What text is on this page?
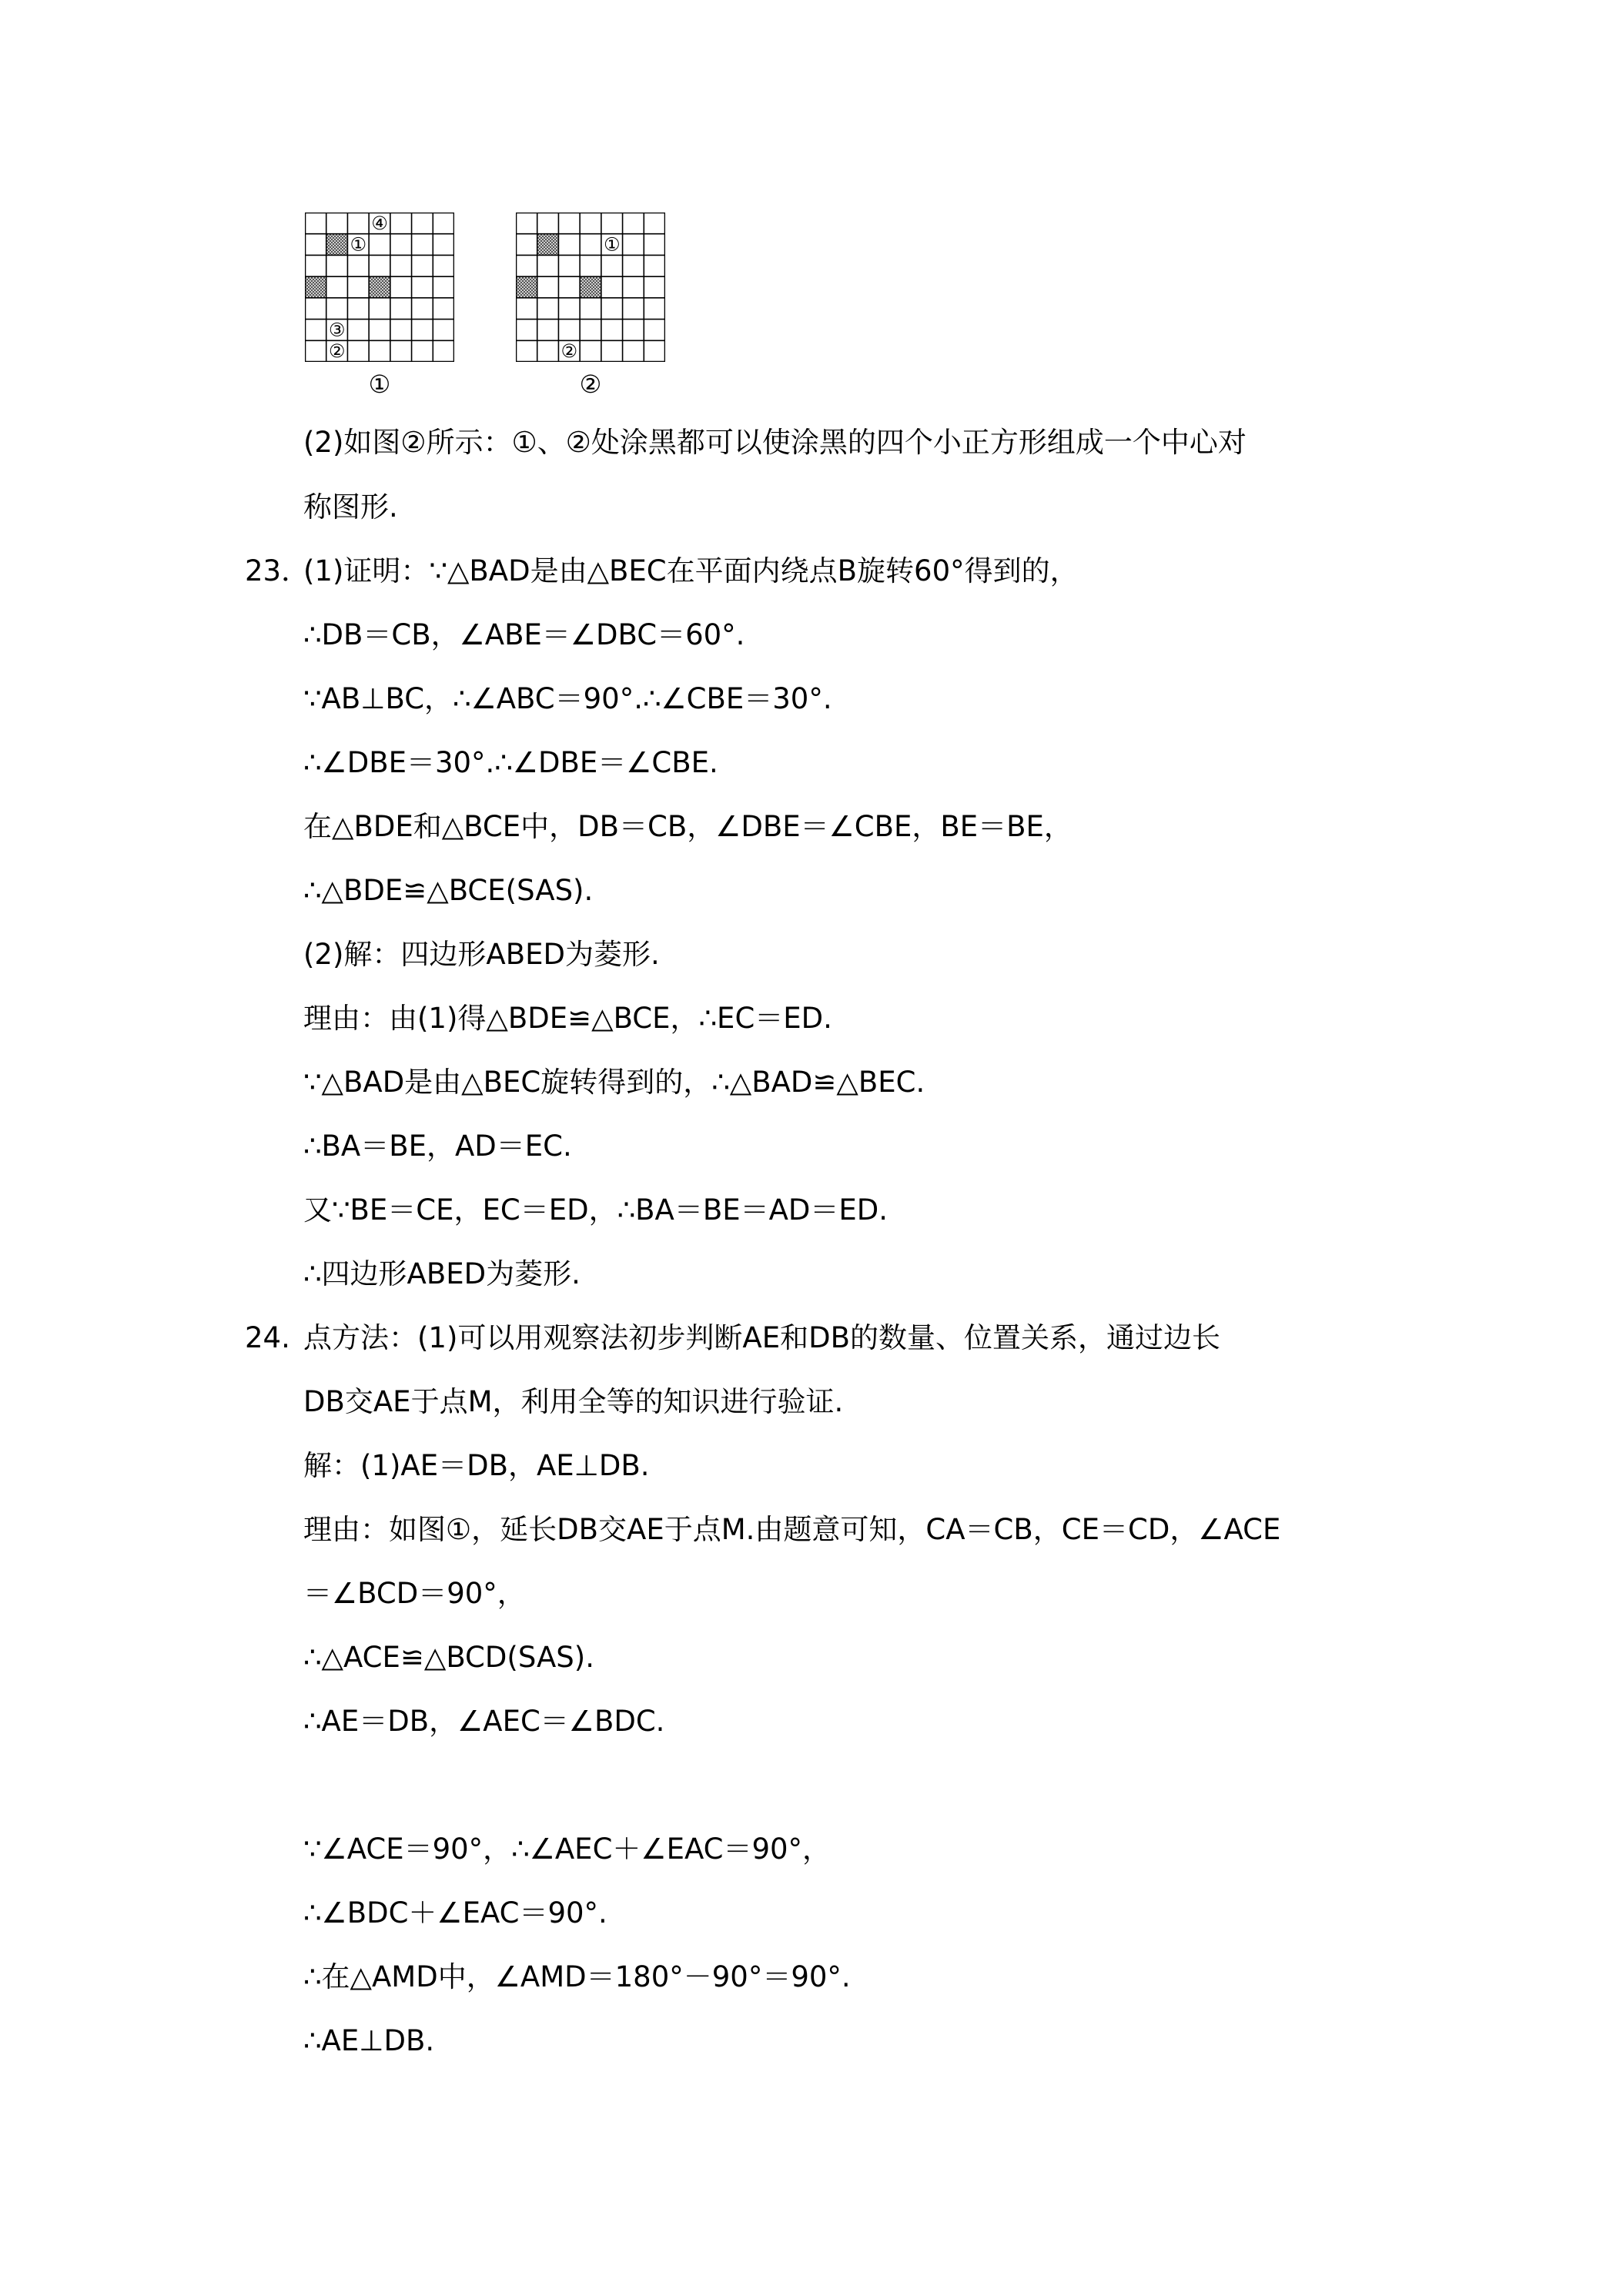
④
①
③
②
①
①
②
②
(2)如图②所示：①、②处涂黑都可以使涂黑的四个小正方形组成一个中心对
称图形.
23．
(1)证明：∵△BAD是由△BEC在平面内绕点B旋转60°得到的，
∴DB＝CB，∠ABE＝∠DBC＝60°.
∵AB⊥BC，∴∠ABC＝90°.∴∠CBE＝30°.
∴∠DBE＝30°.∴∠DBE＝∠CBE.
在△BDE和△BCE中，DB＝CB，∠DBE＝∠CBE，BE＝BE，
∴△BDE≌△BCE(SAS).
(2)解：四边形ABED为菱形.
理由：由(1)得△BDE≌△BCE，∴EC＝ED.
∵△BAD是由△BEC旋转得到的，∴△BAD≌△BEC.
∴BA＝BE，AD＝EC.
又∵BE＝CE，EC＝ED，∴BA＝BE＝AD＝ED.
∴四边形ABED为菱形.
24. 点方法：(1)可以用观察法初步判断AE和DB的数量、位置关系，通过边长
DB交AE于点M，利用全等的知识进行验证.
解：(1)AE＝DB，AE⊥DB.
理由：如图①，延长DB交AE于点M.由题意可知，CA＝CB，CE＝CD，∠ACE
＝∠BCD＝90°，
∴△ACE≌△BCD(SAS).
∴AE＝DB，∠AEC＝∠BDC.
∵∠ACE＝90°，∴∠AEC＋∠EAC＝90°，
∴∠BDC＋∠EAC＝90°.
∴在△AMD中，∠AMD＝180°－90°＝90°.
∴AE⊥DB.
